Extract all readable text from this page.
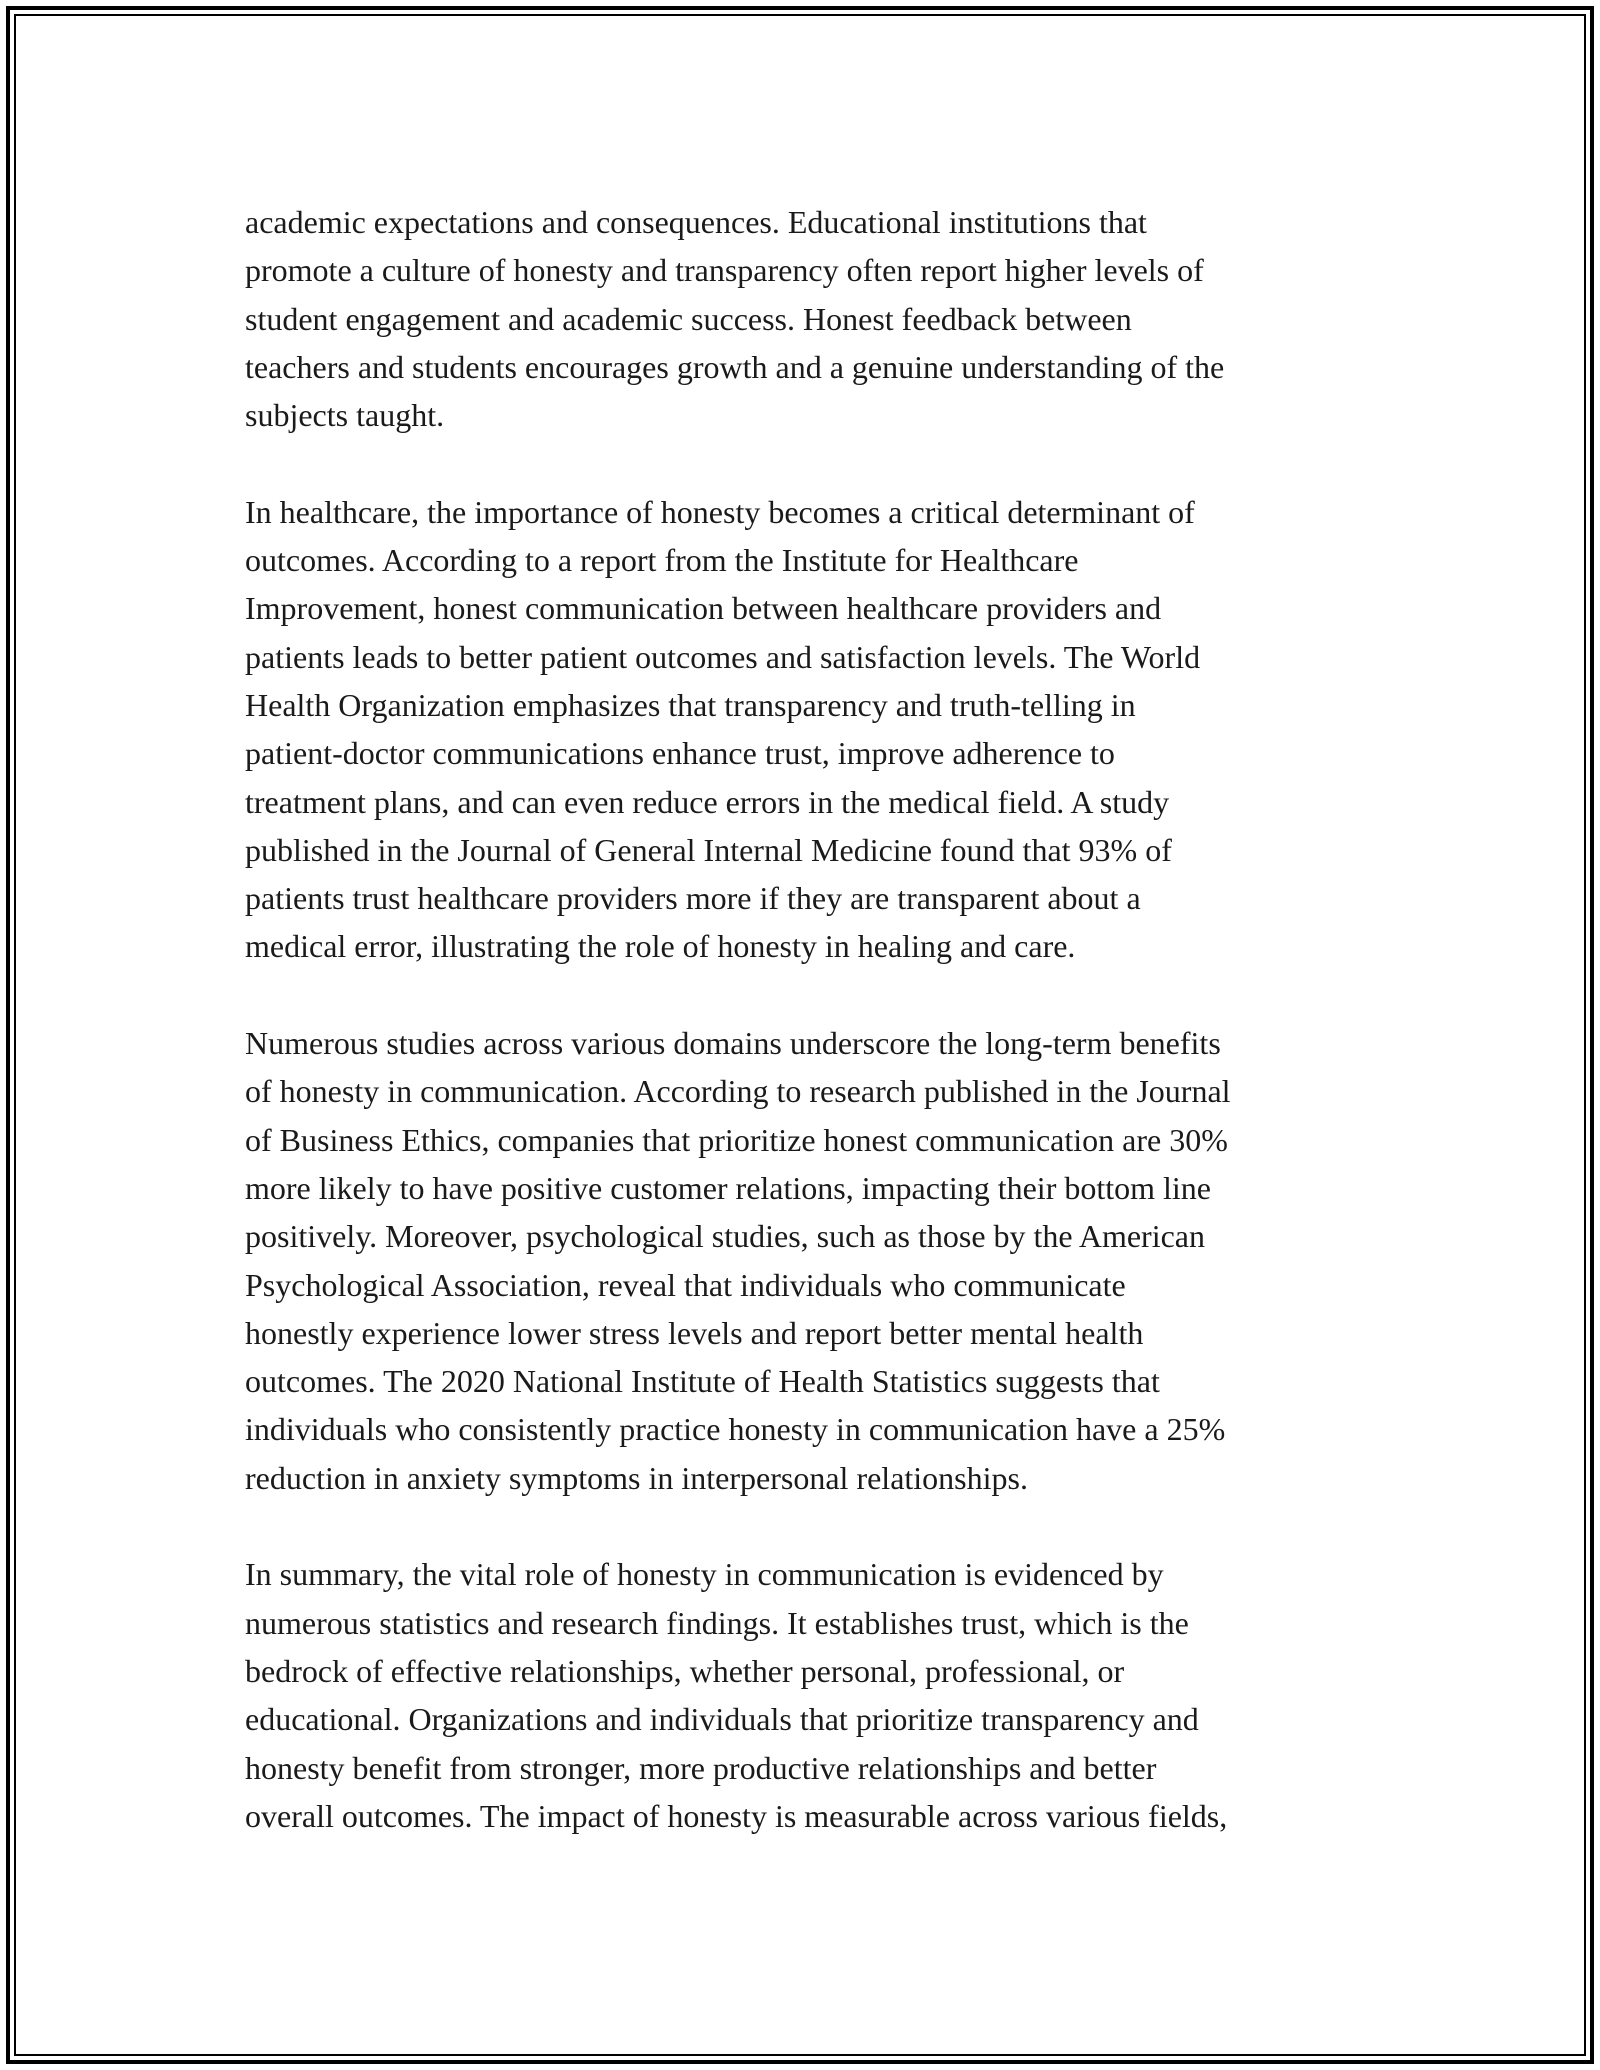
academic expectations and consequences. Educational institutions that
promote a culture of honesty and transparency often report higher levels of
student engagement and academic success. Honest feedback between
teachers and students encourages growth and a genuine understanding of the
subjects taught.

In healthcare, the importance of honesty becomes a critical determinant of
outcomes. According to a report from the Institute for Healthcare
Improvement, honest communication between healthcare providers and
patients leads to better patient outcomes and satisfaction levels. The World
Health Organization emphasizes that transparency and truth-telling in
patient-doctor communications enhance trust, improve adherence to
treatment plans, and can even reduce errors in the medical field. A study
published in the Journal of General Internal Medicine found that 93% of
patients trust healthcare providers more if they are transparent about a
medical error, illustrating the role of honesty in healing and care.

Numerous studies across various domains underscore the long-term benefits
of honesty in communication. According to research published in the Journal
of Business Ethics, companies that prioritize honest communication are 30%
more likely to have positive customer relations, impacting their bottom line
positively. Moreover, psychological studies, such as those by the American
Psychological Association, reveal that individuals who communicate
honestly experience lower stress levels and report better mental health
outcomes. The 2020 National Institute of Health Statistics suggests that
individuals who consistently practice honesty in communication have a 25%
reduction in anxiety symptoms in interpersonal relationships.

In summary, the vital role of honesty in communication is evidenced by
numerous statistics and research findings. It establishes trust, which is the
bedrock of effective relationships, whether personal, professional, or
educational. Organizations and individuals that prioritize transparency and
honesty benefit from stronger, more productive relationships and better
overall outcomes. The impact of honesty is measurable across various fields,
